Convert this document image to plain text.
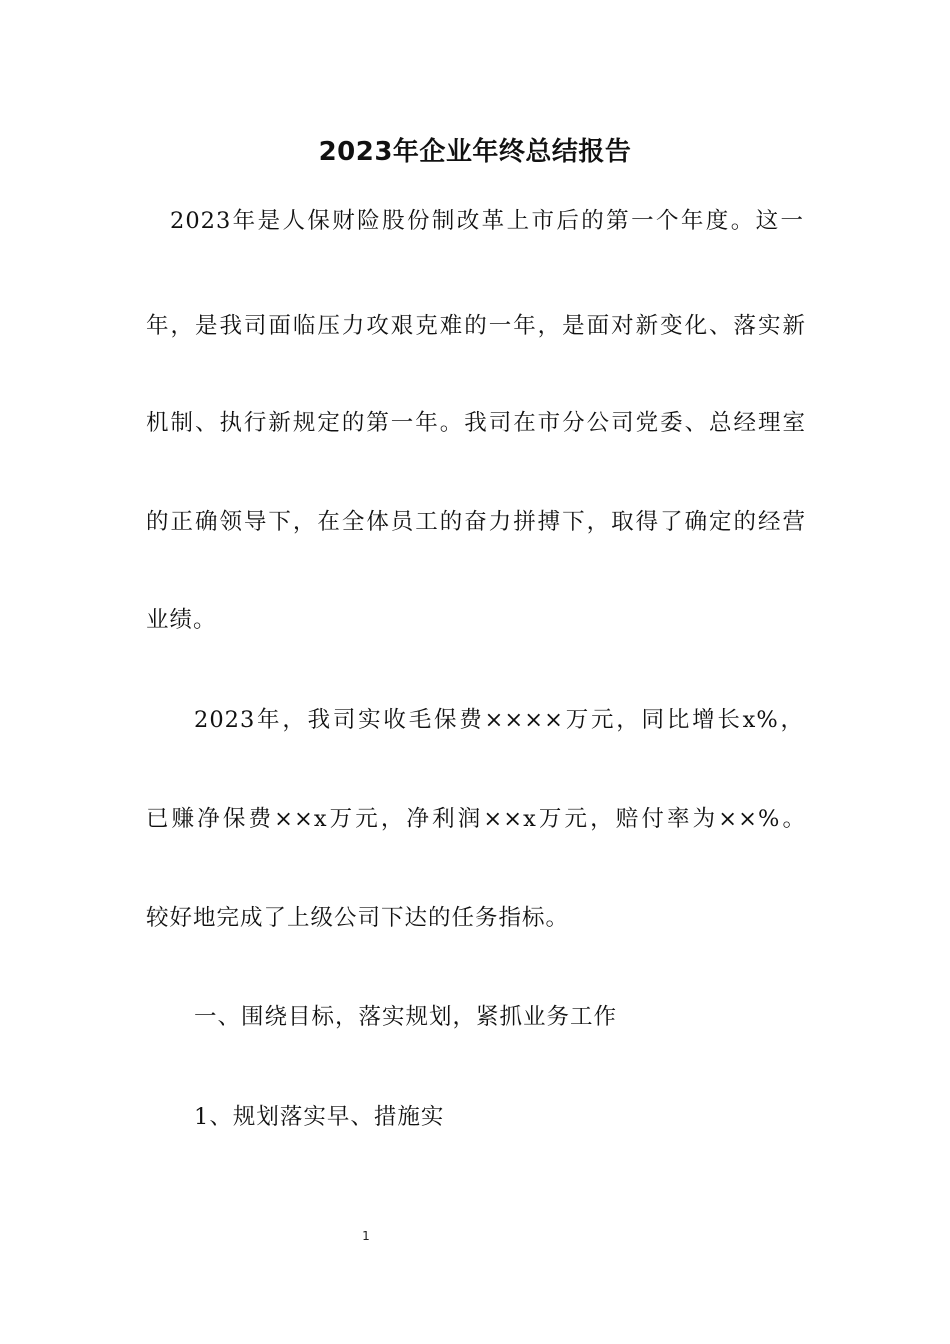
2023年企业年终总结报告
2023年是人保财险股份制改革上市后的第一个年度。这一
年，是我司面临压力攻艰克难的一年，是面对新变化、落实新
机制、执行新规定的第一年。我司在市分公司党委、总经理室
的正确领导下，在全体员工的奋力拼搏下，取得了确定的经营
业绩。
2023年，我司实收毛保费××××万元，同比增长x%，
已赚净保费××x万元，净利润××x万元，赔付率为××%。
较好地完成了上级公司下达的任务指标。
一、围绕目标，落实规划，紧抓业务工作
1、规划落实早、措施实
1
